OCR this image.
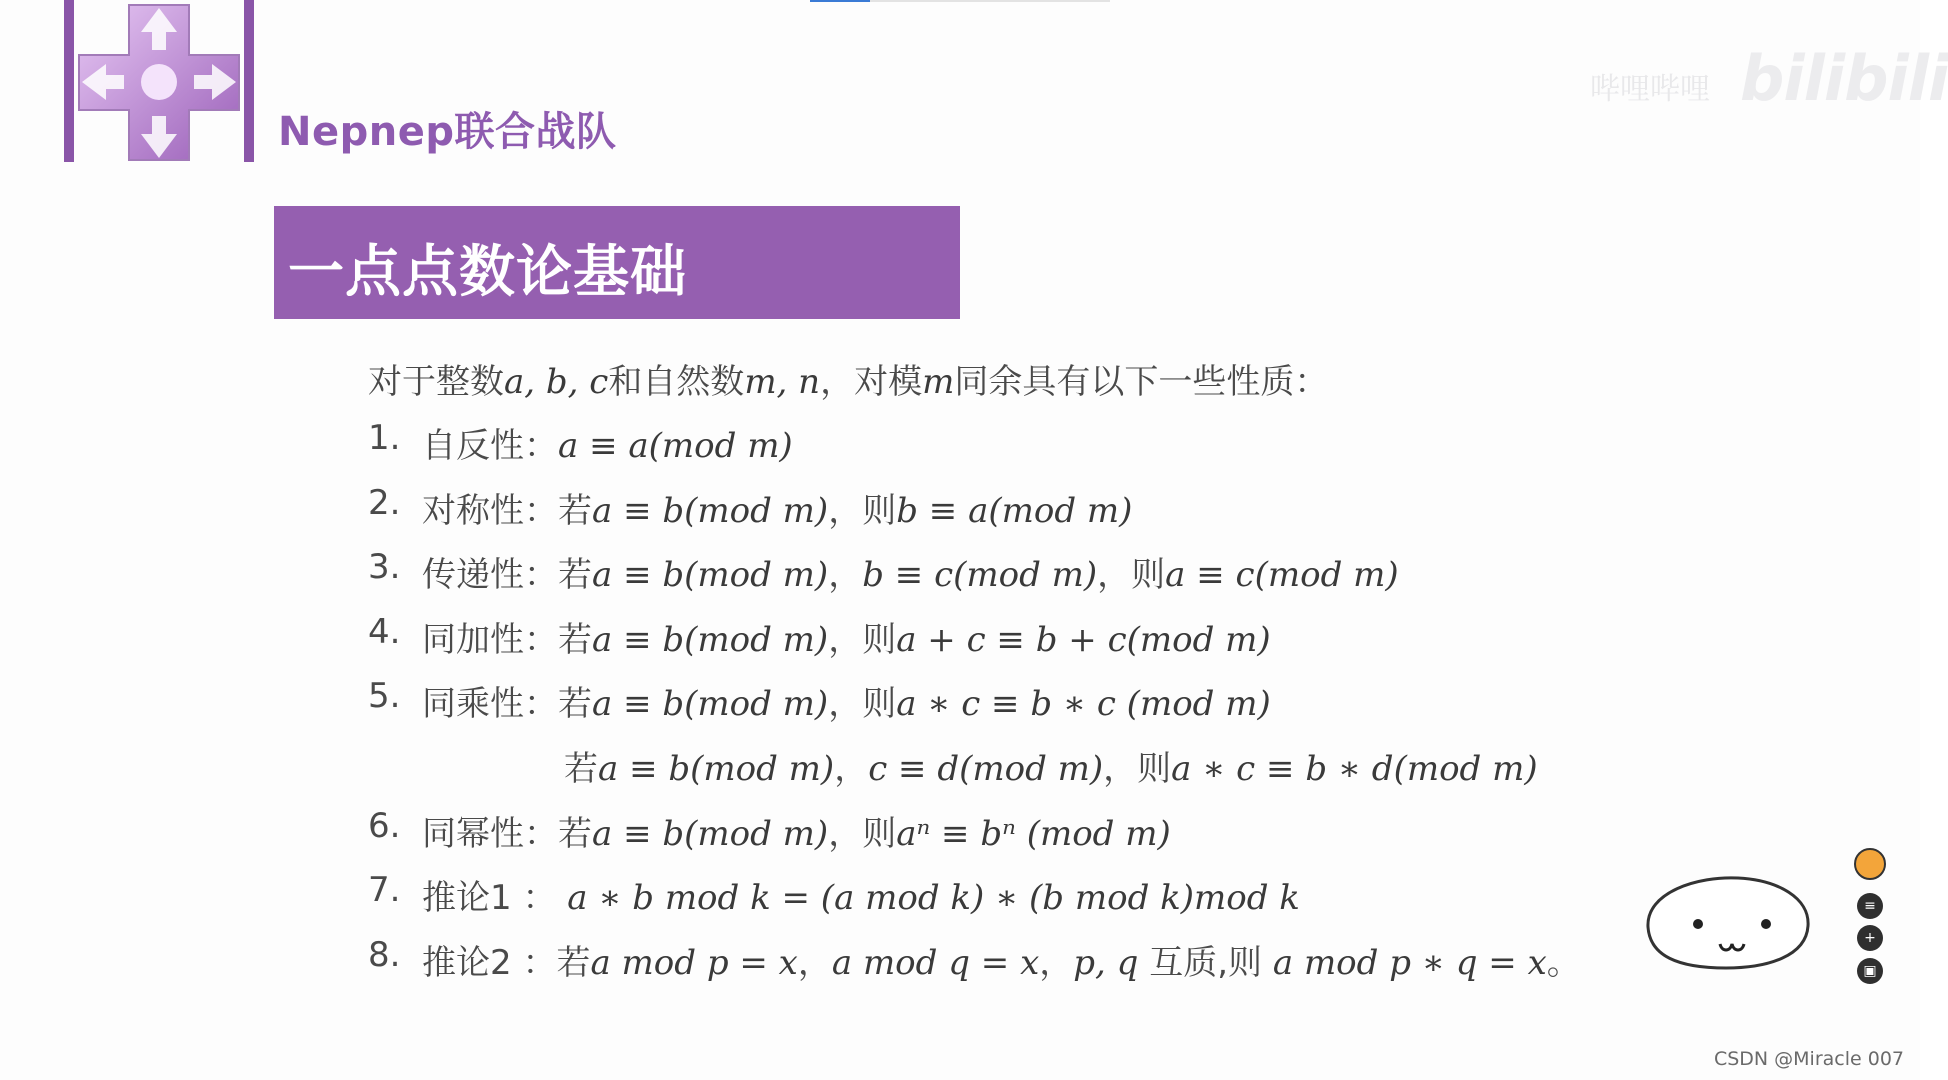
Nepnep联合战队
哔哩哔哩 bilibili
一点点数论基础
对于整数a, b, c和自然数m, n，对模m同余具有以下一些性质：
1. 自反性：a ≡ a(mod m)
2. 对称性：若a ≡ b(mod m)，则b ≡ a(mod m)
3. 传递性：若a ≡ b(mod m)，b ≡ c(mod m)，则a ≡ c(mod m)
4. 同加性：若a ≡ b(mod m)，则a + c ≡ b + c(mod m)
5. 同乘性：若a ≡ b(mod m)，则a ∗ c ≡ b ∗ c (mod m)
若a ≡ b(mod m)，c ≡ d(mod m)，则a ∗ c ≡ b ∗ d(mod m)
6. 同幂性：若a ≡ b(mod m)，则aⁿ ≡ bⁿ (mod m)
7. 推论1 ： a ∗ b mod k = (a mod k) ∗ (b mod k)mod k
8. 推论2 ：若a mod p = x，a mod q = x，p, q 互质,则 a mod p ∗ q = x。
≡
+
▣
CSDN @Miracle 007
